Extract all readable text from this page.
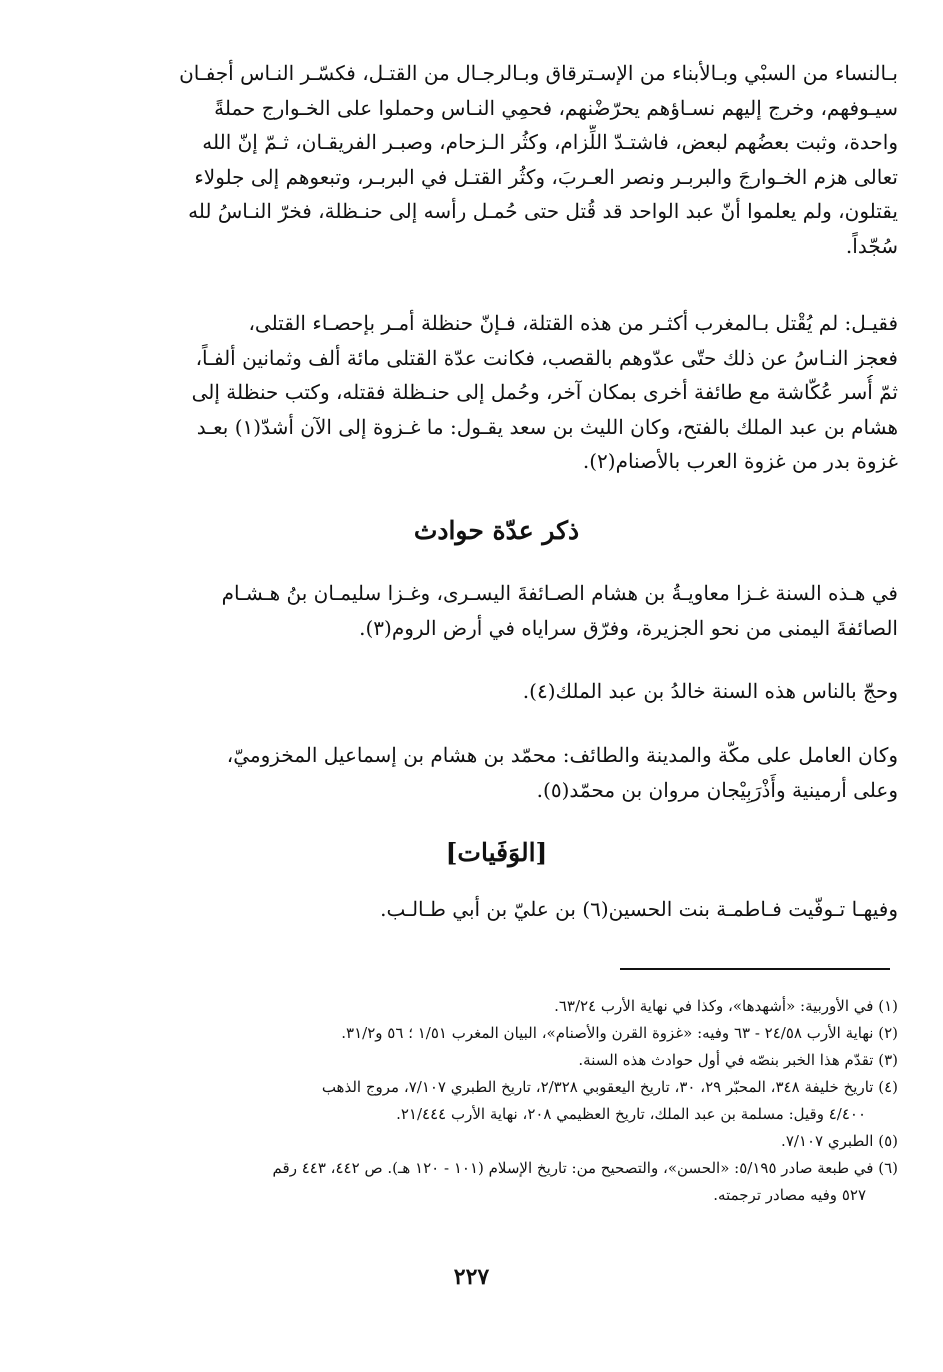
بـالنساء من السبْي وبـالأبناء من الإسـترقاق وبـالرجـال من القتـل، فكسّـر النـاس أجفـان
سيـوفهم، وخرج إليهم نسـاؤهم يحرّضْنهم، فحمِي النـاس وحملوا على الخـوارج حملةً
واحدة، وثبت بعضُهم لبعض، فاشتـدّ اللِّزام، وكثُر الـزحام، وصبـر الفريقـان، ثـمّ إنّ الله
تعالى هزم الخـوارجَ والبربـر ونصر العـربَ، وكثُر القتـل في البربـر، وتبعوهم إلى جلولاء
يقتلون، ولم يعلموا أنّ عبد الواحد قد قُتل حتى حُمـل رأسه إلى حنـظلة، فخرّ النـاسُ لله
سُجّداً.
فقيـل: لم يُقْتل بـالمغرب أكثـر من هذه القتلة، فـإنّ حنظلة أمـر بإحصـاء القتلى،
فعجز النـاسُ عن ذلك حتّى عدّوهم بالقصب، فكانت عدّة القتلى مائة ألف وثمانين ألفـاً،
ثمّ أُسر عُكّاشة مع طائفة أخرى بمكان آخر، وحُمل إلى حنـظلة فقتله، وكتب حنظلة إلى
هشام بن عبد الملك بالفتح، وكان الليث بن سعد يقـول: ما غـزوة إلى الآن أشدّ(١) بعـد
غزوة بدر من غزوة العرب بالأصنام(٢).
ذكر عدّة حوادث
في هـذه السنة غـزا معاويـةُ بن هشام الصـائفةَ اليسـرى، وغـزا سليمـان بنُ هـشـام
الصائفةَ اليمنى من نحو الجزيرة، وفرّق سراياه في أرض الروم(٣).
وحجّ بالناس هذه السنة خالدُ بن عبد الملك(٤).
وكان العامل على مكّة والمدينة والطائف: محمّد بن هشام بن إسماعيل المخزوميّ،
وعلى أرمينية وأَذْرَبِيْجان مروان بن محمّد(٥).
[الوَفَيات]
وفيهـا تـوفّيت فـاطمـة بنت الحسين(٦) بن عليّ بن أبي طـالـب.
(١) في الأوربية: «أشهدها»، وكذا في نهاية الأرب ٦٣/٢٤.
(٢) نهاية الأرب ٢٤/٥٨ - ٦٣ وفيه: «غزوة القرن والأصنام»، البيان المغرب ١/٥١ ؛ ٥٦ و٣١/٢.
(٣) تقدّم هذا الخبر بنصّه في أول حوادث هذه السنة.
(٤) تاريخ خليفة ٣٤٨، المحبّر ٢٩، ٣٠، تاريخ اليعقوبي ٢/٣٢٨، تاريخ الطبري ٧/١٠٧، مروج الذهب
٤/٤٠٠ وقيل: مسلمة بن عبد الملك، تاريخ العظيمي ٢٠٨، نهاية الأرب ٢١/٤٤٤.
(٥) الطبري ٧/١٠٧.
(٦) في طبعة صادر ٥/١٩٥: «الحسن»، والتصحيح من: تاريخ الإسلام (١٠١ - ١٢٠ هـ). ص ٤٤٢، ٤٤٣ رقم
٥٢٧ وفيه مصادر ترجمته.
٢٢٧
